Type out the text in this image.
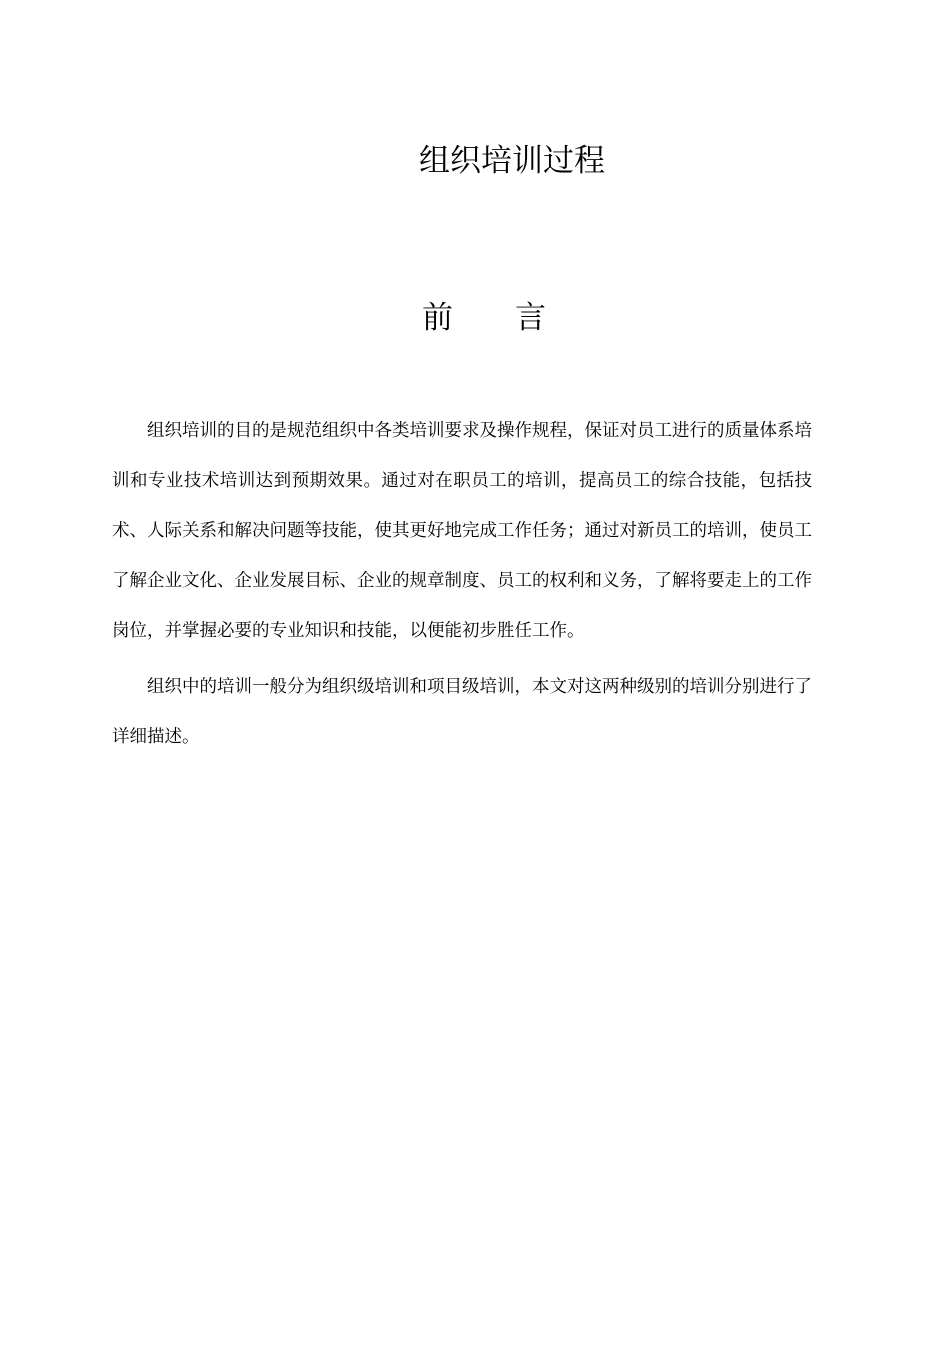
组织培训过程
前言

组织培训的目的是规范组织中各类培训要求及操作规程，保证对员工进行的质量体系培训和专业技术培训达到预期效果。通过对在职员工的培训，提高员工的综合技能，包括技术、人际关系和解决问题等技能，使其更好地完成工作任务；通过对新员工的培训，使员工了解企业文化、企业发展目标、企业的规章制度、员工的权利和义务，了解将要走上的工作岗位，并掌握必要的专业知识和技能，以便能初步胜任工作。

组织中的培训一般分为组织级培训和项目级培训，本文对这两种级别的培训分别进行了详细描述。
